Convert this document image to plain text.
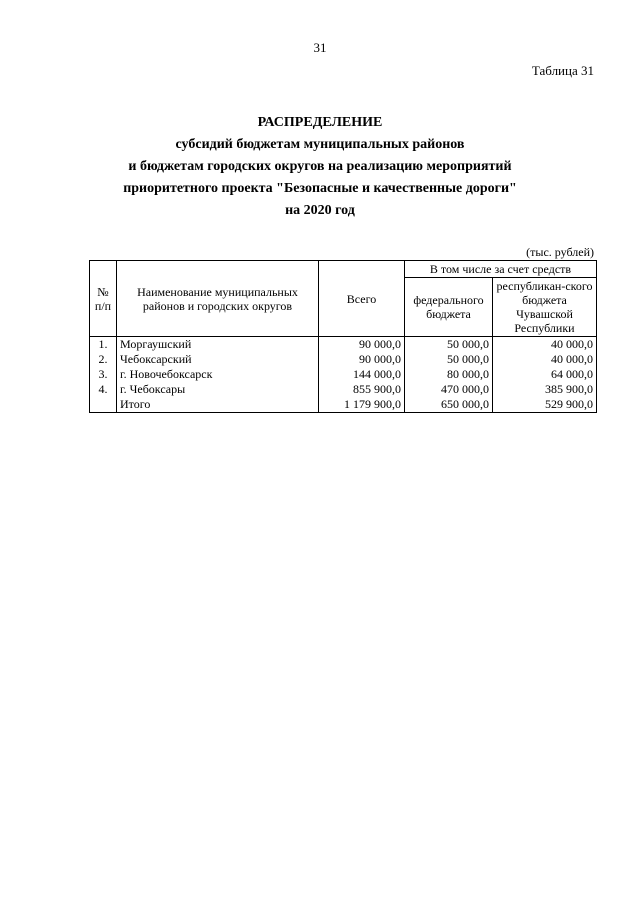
31
Таблица 31
РАСПРЕДЕЛЕНИЕ
субсидий бюджетам муниципальных районов
и бюджетам городских округов на реализацию мероприятий
приоритетного проекта "Безопасные и качественные дороги"
на 2020 год
(тыс. рублей)
№ п/п	Наименование муниципальных районов и городских округов	Всего	В том числе за счет средств	
			федерального бюджета	республикан-ского бюджета Чувашской Республики
1.	Моргаушский	90 000,0	50 000,0	40 000,0
2.	Чебоксарский	90 000,0	50 000,0	40 000,0
3.	г. Новочебоксарск	144 000,0	80 000,0	64 000,0
4.	г. Чебоксары	855 900,0	470 000,0	385 900,0
	Итого	1 179 900,0	650 000,0	529 900,0
